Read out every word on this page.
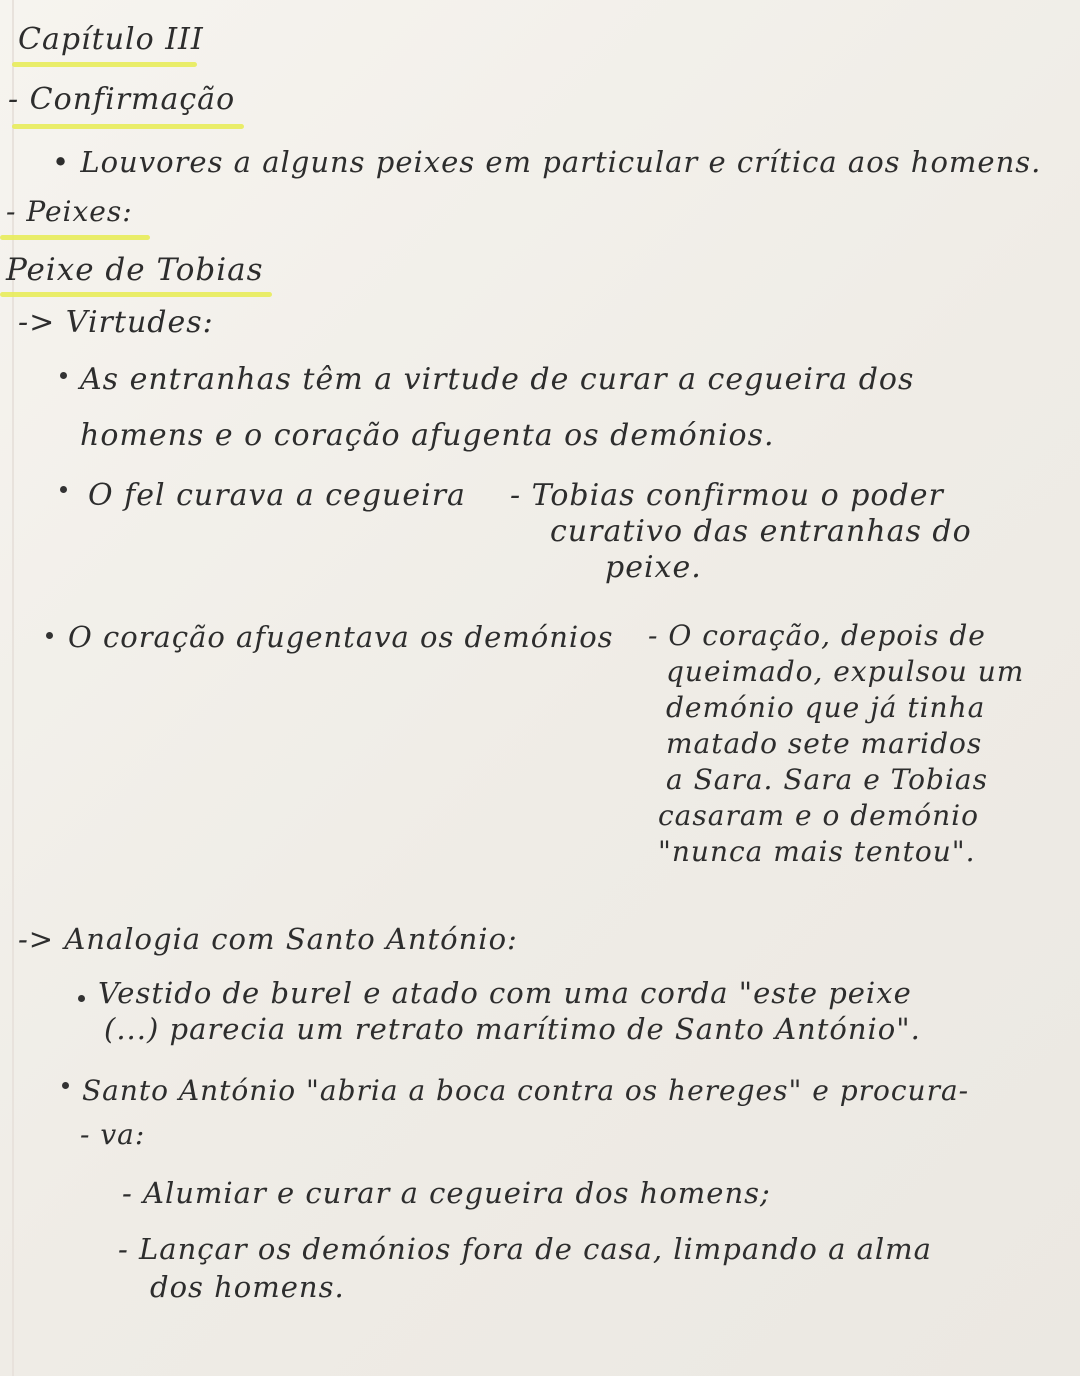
Capítulo III
- Confirmação
• Louvores a alguns peixes em particular e crítica aos homens.
- Peixes:
Peixe de Tobias
-> Virtudes:
As entranhas têm a virtude de curar a cegueira dos
homens e o coração afugenta os demónios.
O fel curava a cegueira - Tobias confirmou o poder
curativo das entranhas do
peixe.
O coração afugentava os demónios - O coração, depois de
queimado, expulsou um
demónio que já tinha
matado sete maridos
a Sara. Sara e Tobias
casaram e o demónio
"nunca mais tentou".
-> Analogia com Santo António:
Vestido de burel e atado com uma corda "este peixe
(...) parecia um retrato marítimo de Santo António".
Santo António "abria a boca contra os hereges" e procura-
- va:
- Alumiar e curar a cegueira dos homens;
- Lançar os demónios fora de casa, limpando a alma
dos homens.
